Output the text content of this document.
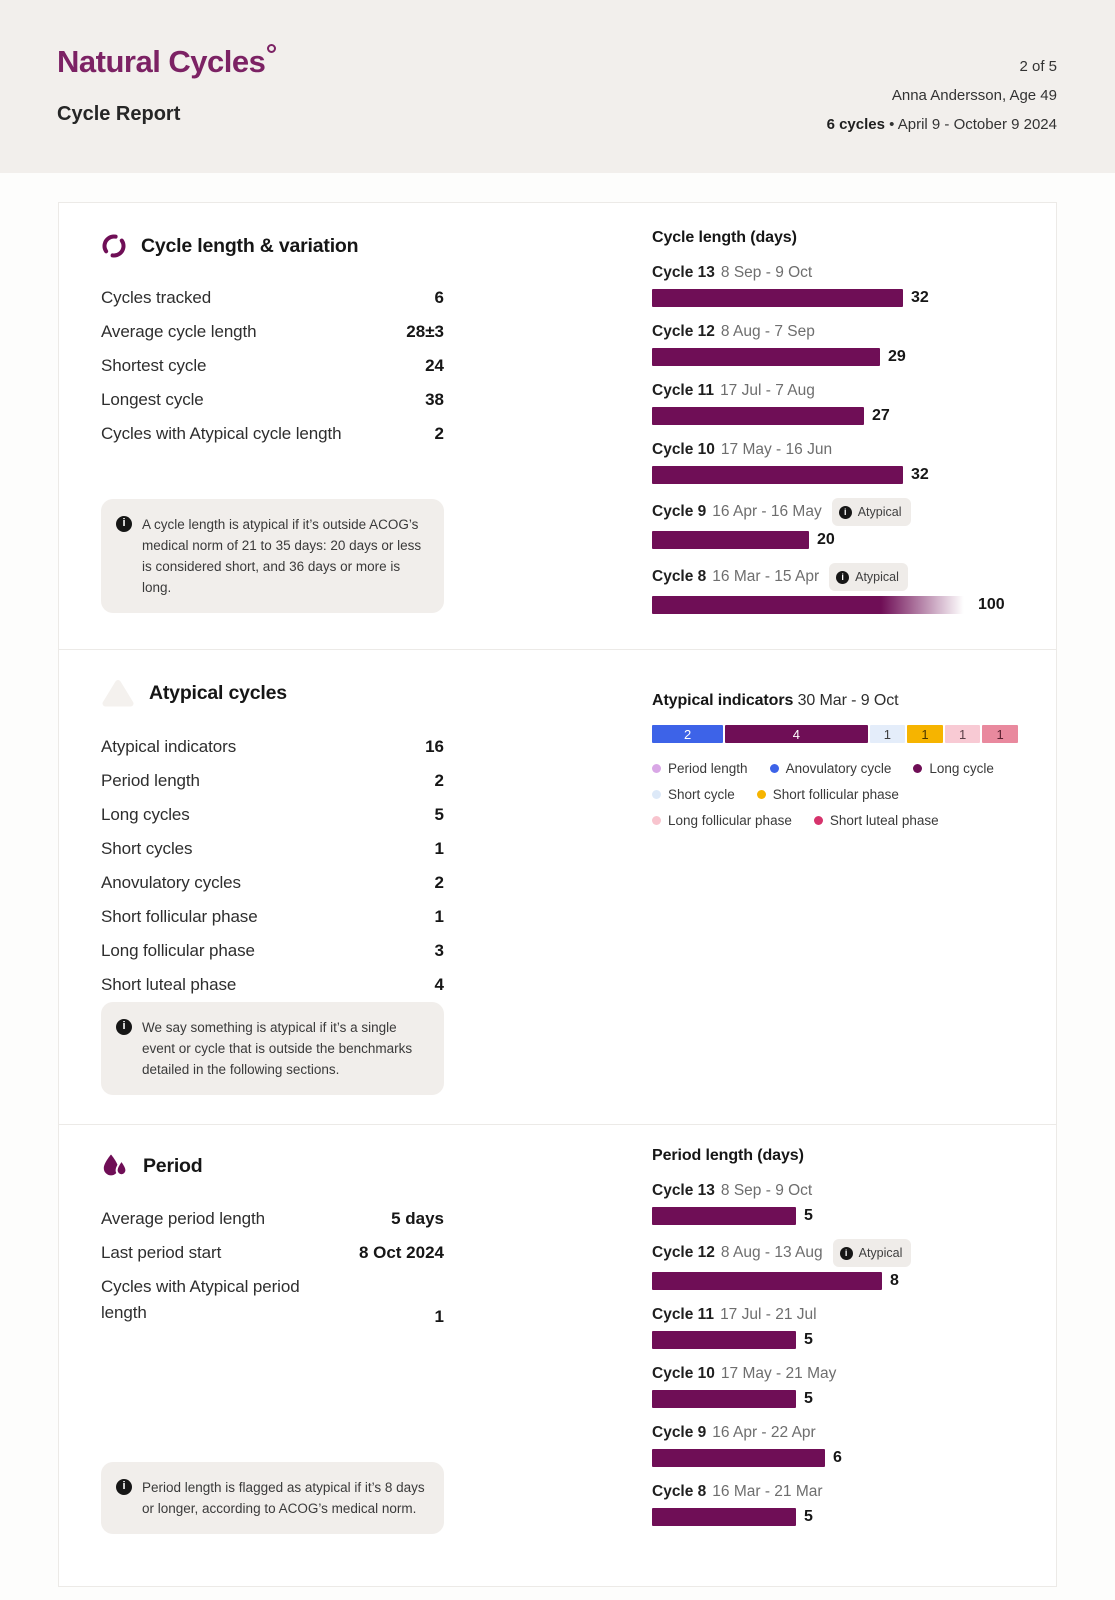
Natural Cycles
Cycle Report
2 of 5
Anna Andersson, Age 49
6 cycles • April 9 - October 9 2024
Cycle length & variation
Cycles tracked	6
Average cycle length	28±3
Shortest cycle	24
Longest cycle	38
Cycles with Atypical cycle length	2
i	A cycle length is atypical if it’s outside ACOG’s medical norm of 21 to 35 days: 20 days or less is considered short, and 36 days or more is long.
Cycle length (days)
Cycle 13 8 Sep - 9 Oct
32
Cycle 12 8 Aug - 7 Sep
29
Cycle 11 17 Jul - 7 Aug
27
Cycle 10 17 May - 16 Jun
32
Cycle 9 16 Apr - 16 May	i Atypical
20
Cycle 8 16 Mar - 15 Apr	i Atypical
100
Atypical cycles
Atypical indicators	16
Period length	2
Long cycles	5
Short cycles	1
Anovulatory cycles	2
Short follicular phase	1
Long follicular phase	3
Short luteal phase	4
i	We say something is atypical if it’s a single event or cycle that is outside the benchmarks detailed in the following sections.
Atypical indicators 30 Mar - 9 Oct
2	4	1	1	1	1
Period length	Anovulatory cycle	Long cycle
Short cycle	Short follicular phase
Long follicular phase	Short luteal phase
Period
Average period length	5 days
Last period start	8 Oct 2024
Cycles with Atypical period length	1
i	Period length is flagged as atypical if it’s 8 days or longer, according to ACOG’s medical norm.
Period length (days)
Cycle 13 8 Sep - 9 Oct
5
Cycle 12 8 Aug - 13 Aug	i Atypical
8
Cycle 11 17 Jul - 21 Jul
5
Cycle 10 17 May - 21 May
5
Cycle 9 16 Apr - 22 Apr
6
Cycle 8 16 Mar - 21 Mar
5
